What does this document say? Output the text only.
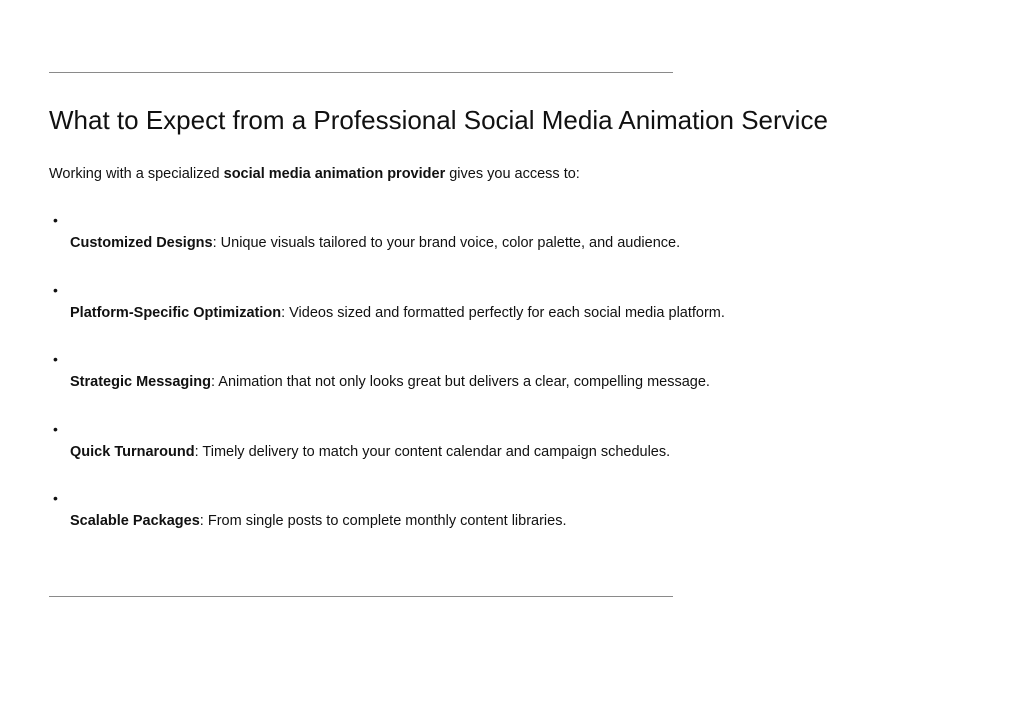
What to Expect from a Professional Social Media Animation Service

Working with a specialized social media animation provider gives you access to:

•
Customized Designs: Unique visuals tailored to your brand voice, color palette, and audience.
•
Platform-Specific Optimization: Videos sized and formatted perfectly for each social media platform.
•
Strategic Messaging: Animation that not only looks great but delivers a clear, compelling message.
•
Quick Turnaround: Timely delivery to match your content calendar and campaign schedules.
•
Scalable Packages: From single posts to complete monthly content libraries.
